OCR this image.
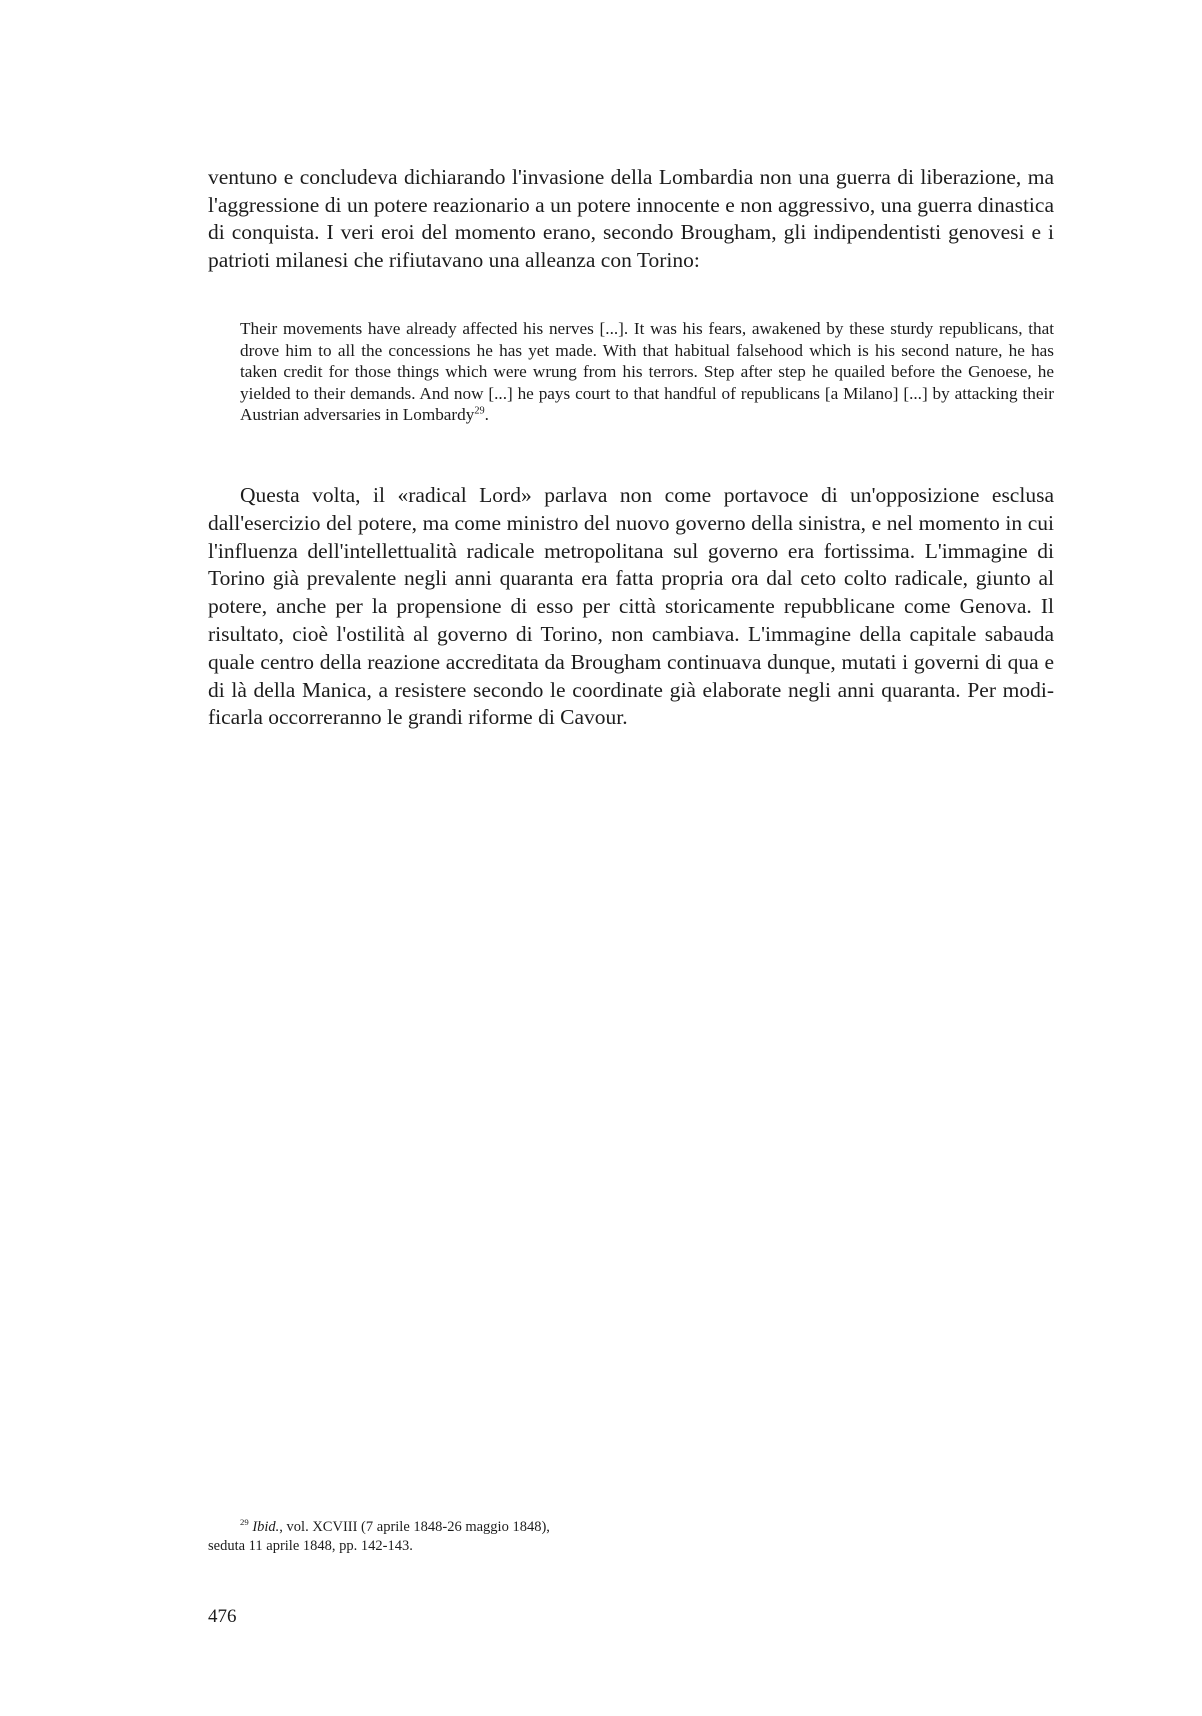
ventuno e concludeva dichiarando l'invasione della Lombardia non una guerra di liberazione, ma l'aggressione di un potere reazionario a un potere innocente e non aggressivo, una guerra dinastica di conquista. I veri eroi del momento erano, secondo Brougham, gli indipendentisti genovesi e i patrioti milanesi che rifiutavano una alleanza con Torino:

Their movements have already affected his nerves [...]. It was his fears, awakened by these sturdy republicans, that drove him to all the concessions he has yet made. With that habitual falsehood which is his second nature, he has taken credit for those things which were wrung from his terrors. Step after step he quailed before the Genoese, he yielded to their demands. And now [...] he pays court to that handful of republicans [a Milano] [...] by attacking their Austrian adversaries in Lombardy$^{29}$.

Questa volta, il «radical Lord» parlava non come portavoce di un'opposizione esclusa dall'esercizio del potere, ma come ministro del nuovo governo della sinistra, e nel momento in cui l'influenza dell'intellettualità radicale metropolitana sul governo era fortissima. L'immagine di Torino già prevalente negli anni quaranta era fatta propria ora dal ceto colto radicale, giunto al potere, anche per la propensione di esso per città storicamente repubblicane come Genova. Il risultato, cioè l'ostilità al governo di Torino, non cambiava. L'immagine della capitale sabauda quale centro della reazione accreditata da Brougham continuava dunque, mutati i governi di qua e di là della Manica, a resistere secondo le coordinate già elaborate negli anni quaranta. Per modificarla occorreranno le grandi riforme di Cavour.

$^{29}$ Ibid., vol. XCVIII (7 aprile 1848-26 maggio 1848),
seduta 11 aprile 1848, pp. 142-143.
476
